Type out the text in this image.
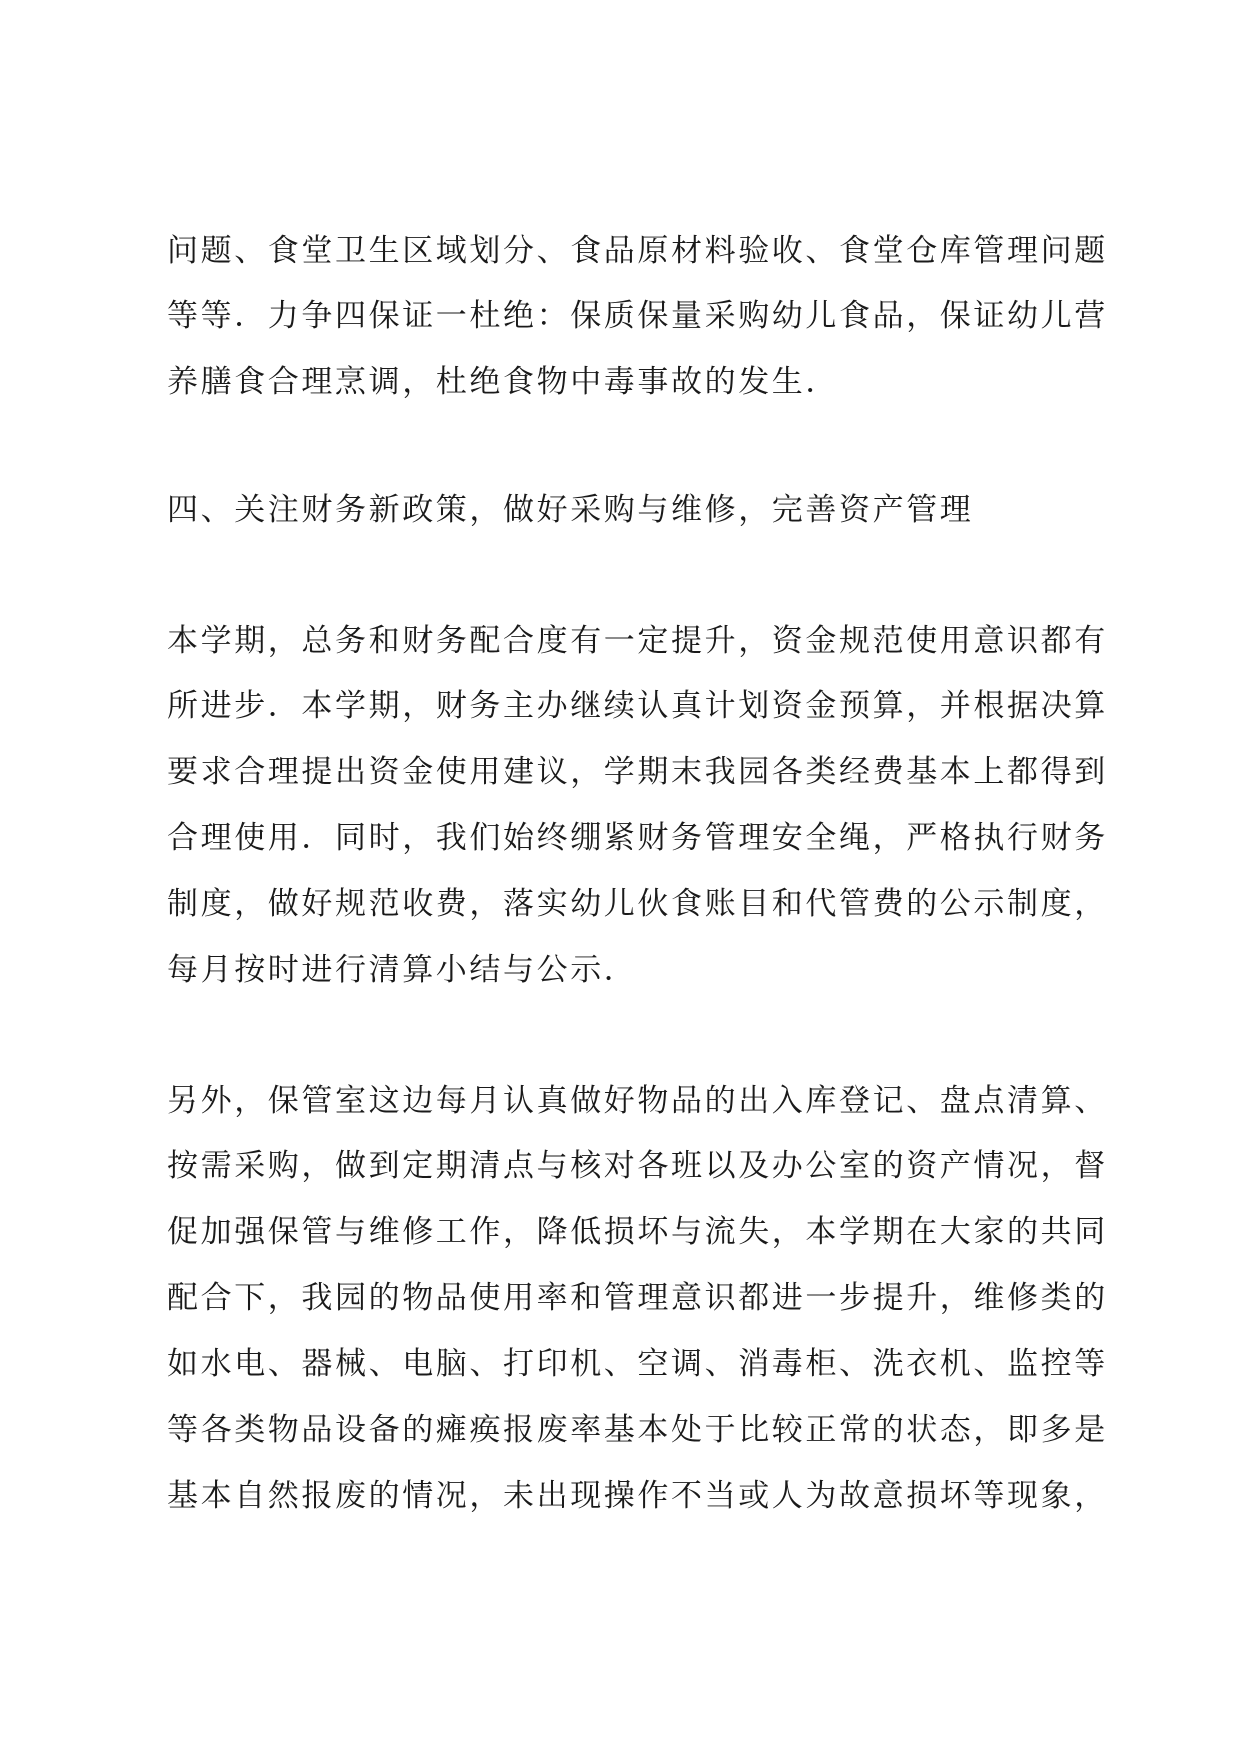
问题、食堂卫生区域划分、食品原材料验收、食堂仓库管理问题
等等．力争四保证一杜绝：保质保量采购幼儿食品，保证幼儿营
养膳食合理烹调，杜绝食物中毒事故的发生．
四、关注财务新政策，做好采购与维修，完善资产管理
本学期，总务和财务配合度有一定提升，资金规范使用意识都有
所进步．本学期，财务主办继续认真计划资金预算，并根据决算
要求合理提出资金使用建议，学期末我园各类经费基本上都得到
合理使用．同时，我们始终绷紧财务管理安全绳，严格执行财务
制度，做好规范收费，落实幼儿伙食账目和代管费的公示制度，
每月按时进行清算小结与公示．
另外，保管室这边每月认真做好物品的出入库登记、盘点清算、
按需采购，做到定期清点与核对各班以及办公室的资产情况，督
促加强保管与维修工作，降低损坏与流失，本学期在大家的共同
配合下，我园的物品使用率和管理意识都进一步提升，维修类的
如水电、器械、电脑、打印机、空调、消毒柜、洗衣机、监控等
等各类物品设备的瘫痪报废率基本处于比较正常的状态，即多是
基本自然报废的情况，未出现操作不当或人为故意损坏等现象，
